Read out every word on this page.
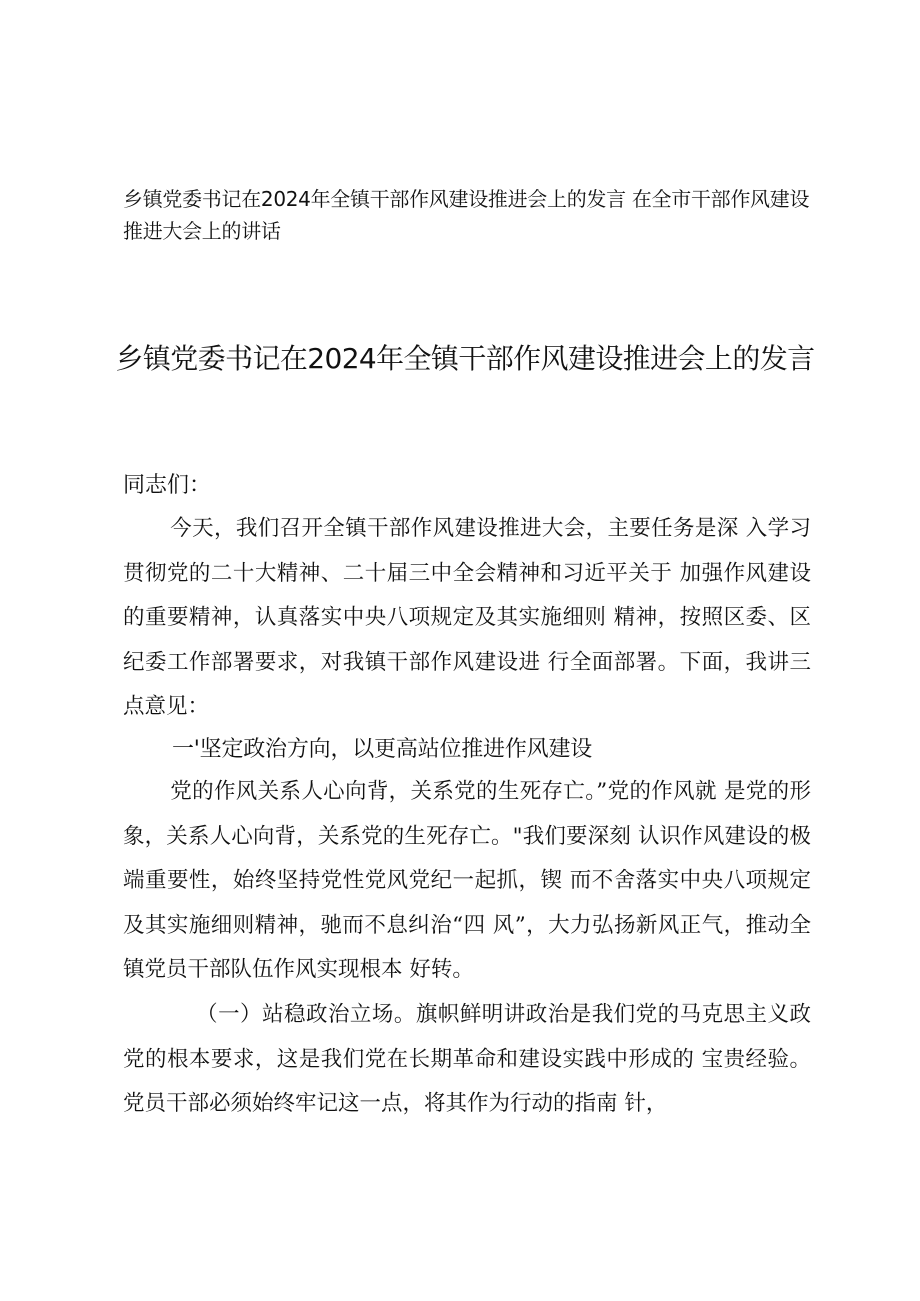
乡镇党委书记在2024年全镇干部作风建设推进会上的发言 在全市干部作风建设推进大会上的讲话
乡镇党委书记在2024年全镇干部作风建设推进会上的发言
同志们：

今天，我们召开全镇干部作风建设推进大会，主要任务是深 入学习贯彻党的二十大精神、二十届三中全会精神和习近平关于 加强作风建设的重要精神，认真落实中央八项规定及其实施细则 精神，按照区委、区纪委工作部署要求，对我镇干部作风建设进 行全面部署。下面，我讲三点意见：

一'坚定政治方向，以更高站位推进作风建设

党的作风关系人心向背，关系党的生死存亡。”党的作风就 是党的形象，关系人心向背，关系党的生死存亡。"我们要深刻 认识作风建设的极端重要性，始终坚持党性党风党纪一起抓，锲 而不舍落实中央八项规定及其实施细则精神，驰而不息纠治“四 风”，大力弘扬新风正气，推动全镇党员干部队伍作风实现根本 好转。

（一）站稳政治立场。旗帜鲜明讲政治是我们党的马克思主义政党的根本要求，这是我们党在长期革命和建设实践中形成的 宝贵经验。党员干部必须始终牢记这一点，将其作为行动的指南 针，
